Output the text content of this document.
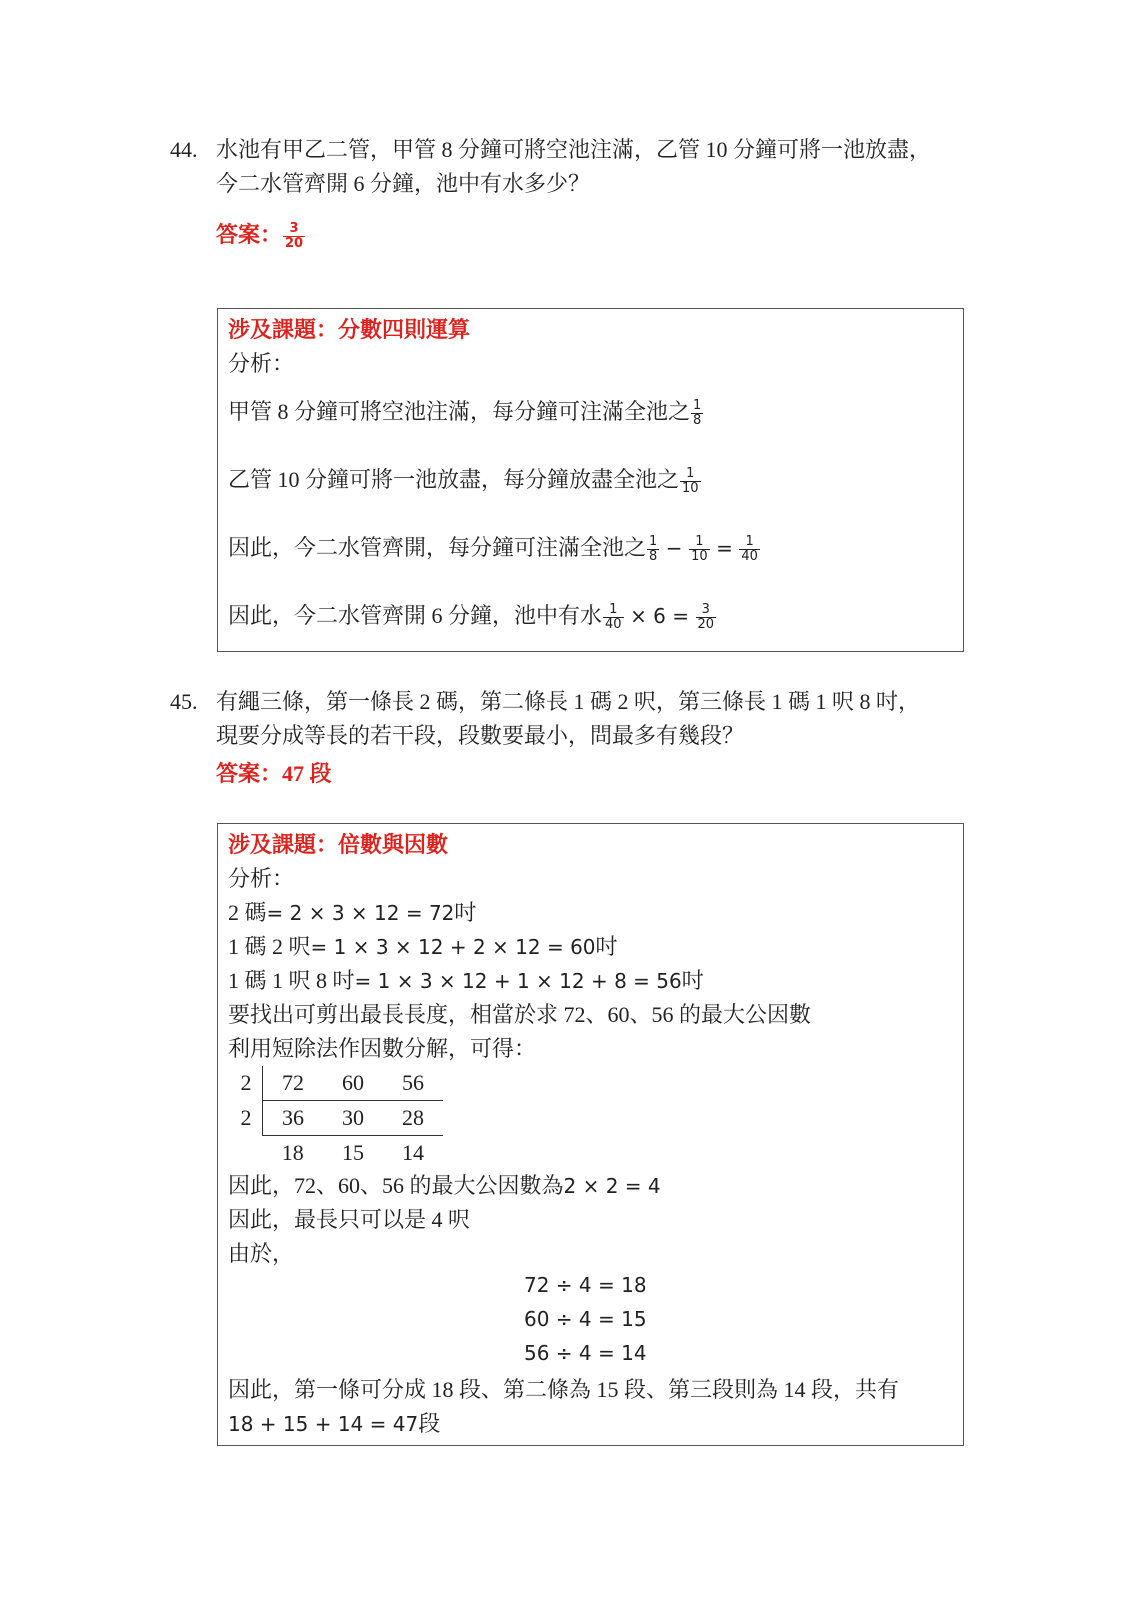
44. 水池有甲乙二管，甲管 8 分鐘可將空池注滿，乙管 10 分鐘可將一池放盡，
今二水管齊開 6 分鐘，池中有水多少？
答案： $\frac{3}{20}$
涉及課題：分數四則運算
分析：
甲管 8 分鐘可將空池注滿，每分鐘可注滿全池之 $\frac{1}{8}$
乙管 10 分鐘可將一池放盡，每分鐘放盡全池之 $\frac{1}{10}$
因此，今二水管齊開，每分鐘可注滿全池之 $\frac{1}{8} - \frac{1}{10} = \frac{1}{40}$
因此，今二水管齊開 6 分鐘，池中有水 $\frac{1}{40} \times 6 = \frac{3}{20}$
45. 有繩三條，第一條長 2 碼，第二條長 1 碼 2 呎，第三條長 1 碼 1 呎 8 吋，
現要分成等長的若干段，段數要最小，問最多有幾段？
答案：47 段
涉及課題：倍數與因數
分析：
2 碼= 2 × 3 × 12 = 72吋
1 碼 2 呎= 1 × 3 × 12 + 2 × 12 = 60吋
1 碼 1 呎 8 吋= 1 × 3 × 12 + 1 × 12 + 8 = 56吋
要找出可剪出最長長度，相當於求 72、60、56 的最大公因數
利用短除法作因數分解，可得：
2	72	60	56
2	36	30	28
	18	15	14
因此，72、60、56 的最大公因數為2 × 2 = 4
因此，最長只可以是 4 呎
由於，
72 ÷ 4 = 18
60 ÷ 4 = 15
56 ÷ 4 = 14
因此，第一條可分成 18 段、第二條為 15 段、第三段則為 14 段，共有
18 + 15 + 14 = 47段
